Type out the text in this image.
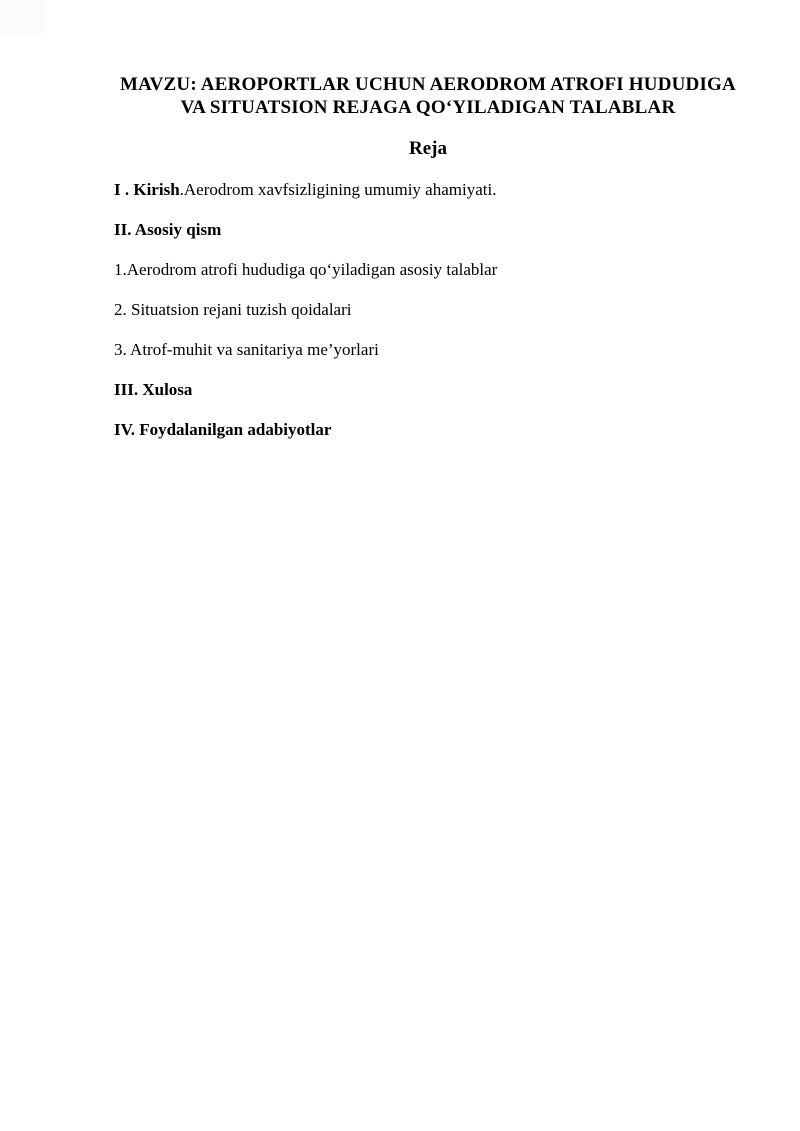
MAVZU: AEROPORTLAR UCHUN AERODROM ATROFI HUDUDIGA
VA SITUATSION REJAGA QO‘YILADIGAN TALABLAR
Reja

I . Kirish.Aerodrom xavfsizligining umumiy ahamiyati.

II. Asosiy qism

1.Aerodrom atrofi hududiga qo‘yiladigan asosiy talablar

2. Situatsion rejani tuzish qoidalari

3. Atrof-muhit va sanitariya me’yorlari

III. Xulosa

IV. Foydalanilgan adabiyotlar
